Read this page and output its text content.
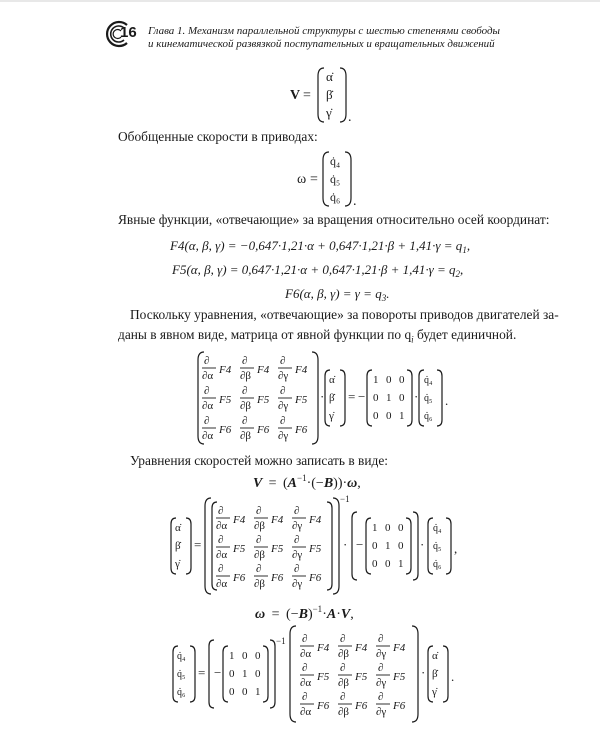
16 Глава 1. Механизм параллельной структуры с шестью степенями свободы
и кинематической развязкой поступательных и вращательных движений
V =
α̇
β̇
γ̇ .
Обобщенные скорости в приводах:
ω =
q̇₄
q̇₅
q̇₆ .
Явные функции, «отвечающие» за вращения относительно осей координат:
F4(α, β, $\gamma) = -0,647\cdot 1,21\cdot\alpha + 0,647\cdot 1,21\cdot\beta + 1,41\cdot\gamma = q_1$,
F5(α, β, $\gamma) = 0,647\cdot 1,21\cdot\alpha + 0,647\cdot 1,21\cdot\beta + 1,41\cdot\gamma = q_2$,
F6(α, β, $\gamma) = \gamma = q_3$.
Поскольку уравнения, «отвечающие» за повороты приводов двигателей за-
даны в явном виде, матрица от явной функции по $q_i$ будет единичной.
∂
∂α F4
∂
∂β F4
∂
∂γ F4
∂
∂α F5
∂
∂β F5
∂
∂γ F5
∂
∂α F6
∂
∂β F6
∂
∂γ F6
·
α̇
β̇
γ̇
= −
1 0 0
0 1 0
0 0 1
·
q̇₄
q̇₅
q̇₆
.
Уравнения скоростей можно записать в виде:
$V = (A^{-1}\cdot(-B))\cdot\omega$,
α̇
β̇
γ̇
=
∂
∂α F4
∂
∂β F4
∂
∂γ F4
∂
∂α F5
∂
∂β F5
∂
∂γ F5
∂
∂α F6
∂
∂β F6
∂
∂γ F6
−1
· −
1 0 0
0 1 0
0 0 1
·
q̇₄
q̇₅
q̇₆
,
$\omega = (-B)^{-1}\cdot A\cdot V$,
q̇₄
q̇₅
q̇₆
= −
1 0 0
0 1 0
0 0 1
−1 ∂
∂α F4
∂
∂β F4
∂
∂γ F4
∂
∂α F5
∂
∂β F5
∂
∂γ F5
∂
∂α F6
∂
∂β F6
∂
∂γ F6
·
α̇
β̇
γ̇
.
